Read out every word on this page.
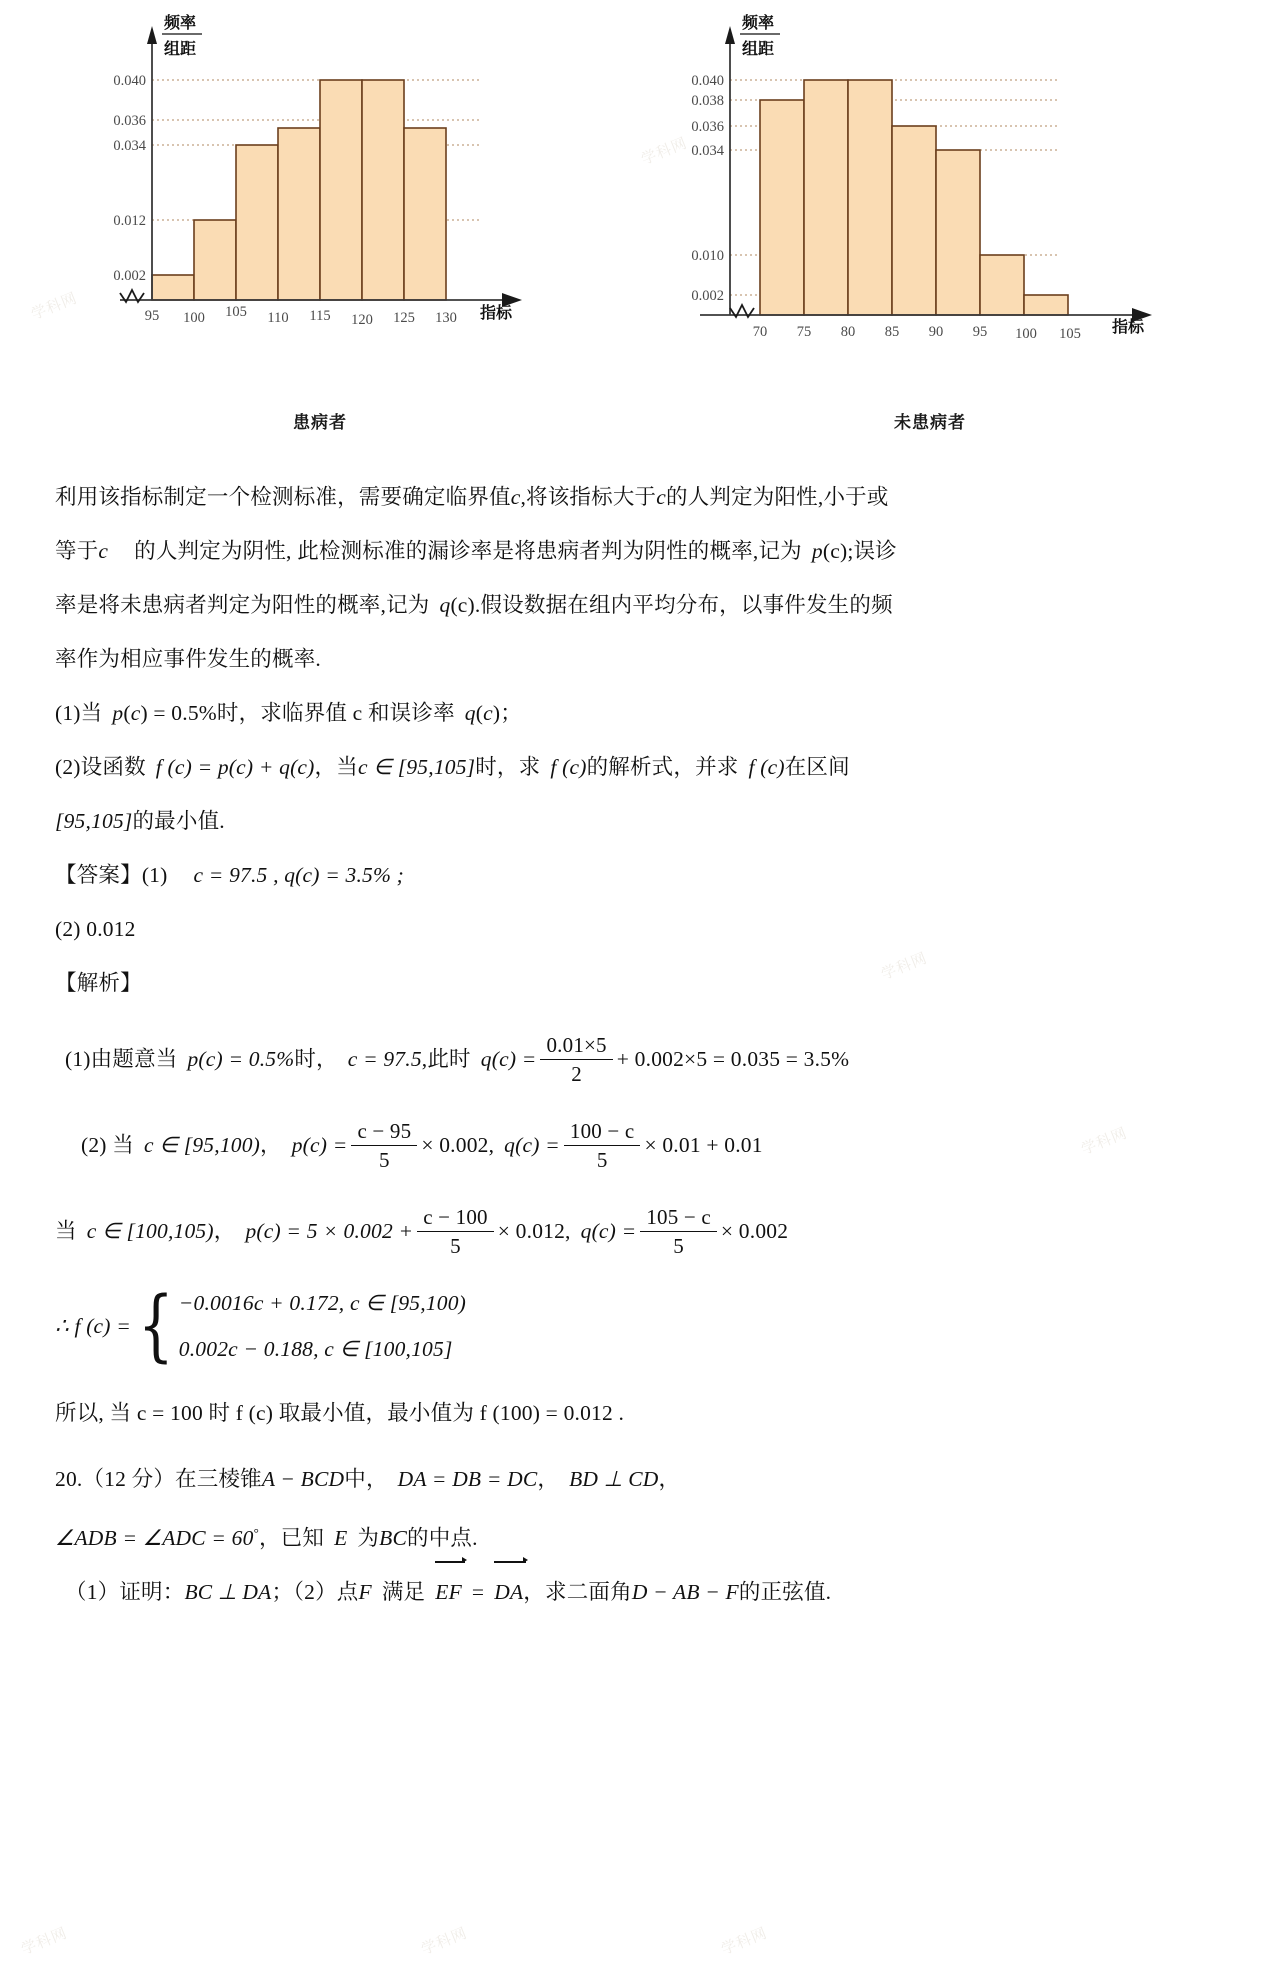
0.040
0.036
0.034
0.012
0.002
95 100 105 110 115 120 125 130
频率
组距
指标
患病者
0.040
0.038
0.036
0.034
0.010
0.002
70 75 80 85 90 95 100 105
频率
组距
指标
未患病者
利用该指标制定一个检测标准，需要确定临界值c,将该指标大于c的人判定为阳性,小于或
等于c 的人判定为阴性, 此检测标准的漏诊率是将患病者判为阴性的概率,记为 p(c);误诊
率是将未患病者判定为阳性的概率,记为 q(c).假设数据在组内平均分布，以事件发生的频
率作为相应事件发生的概率.
(1)当 p(c) = 0.5%时，求临界值 c 和误诊率 q(c)；
(2)设函数 f (c) = p(c) + q(c)，当c ∈ [95,105]时，求 f (c)的解析式，并求 f (c)在区间
[95,105]的最小值.
【答案】(1) c = 97.5 , q(c) = 3.5% ;
(2) 0.012
【解析】
(1)由题意当 p(c) = 0.5%时， c = 97.5,此时 $q(c) = \frac{0.01\times 5}{2} + 0.002\times 5 = 0.035 = 3.5\%$
(2) 当 c ∈ [95,100)， $p(c) = \frac{c - 95}{5} \times 0.002$, $q(c) = \frac{100 - c}{5} \times 0.01 + 0.01$
当 c ∈ [100,105)， $p(c) = 5 \times 0.002 + \frac{c - 100}{5} \times 0.012$, $q(c) = \frac{105 - c}{5} \times 0.002$
∴ f (c) = { −0.0016c + 0.172, c ∈ [95,100)
0.002c − 0.188, c ∈ [100,105]
所以, 当 c = 100 时 f (c) 取最小值，最小值为 f (100) = 0.012 .
20.（12 分）在三棱锥A − BCD中， DA = DB = DC， BD ⊥ CD，
∠ADB = ∠ADC = 60°，已知 E 为BC的中点.
（1）证明：BC ⊥ DA；（2）点F 满足 EF = DA，求二面角D − AB − F的正弦值.
学科网
学科网
学科网
学科网
学科网	学科网	学科网
